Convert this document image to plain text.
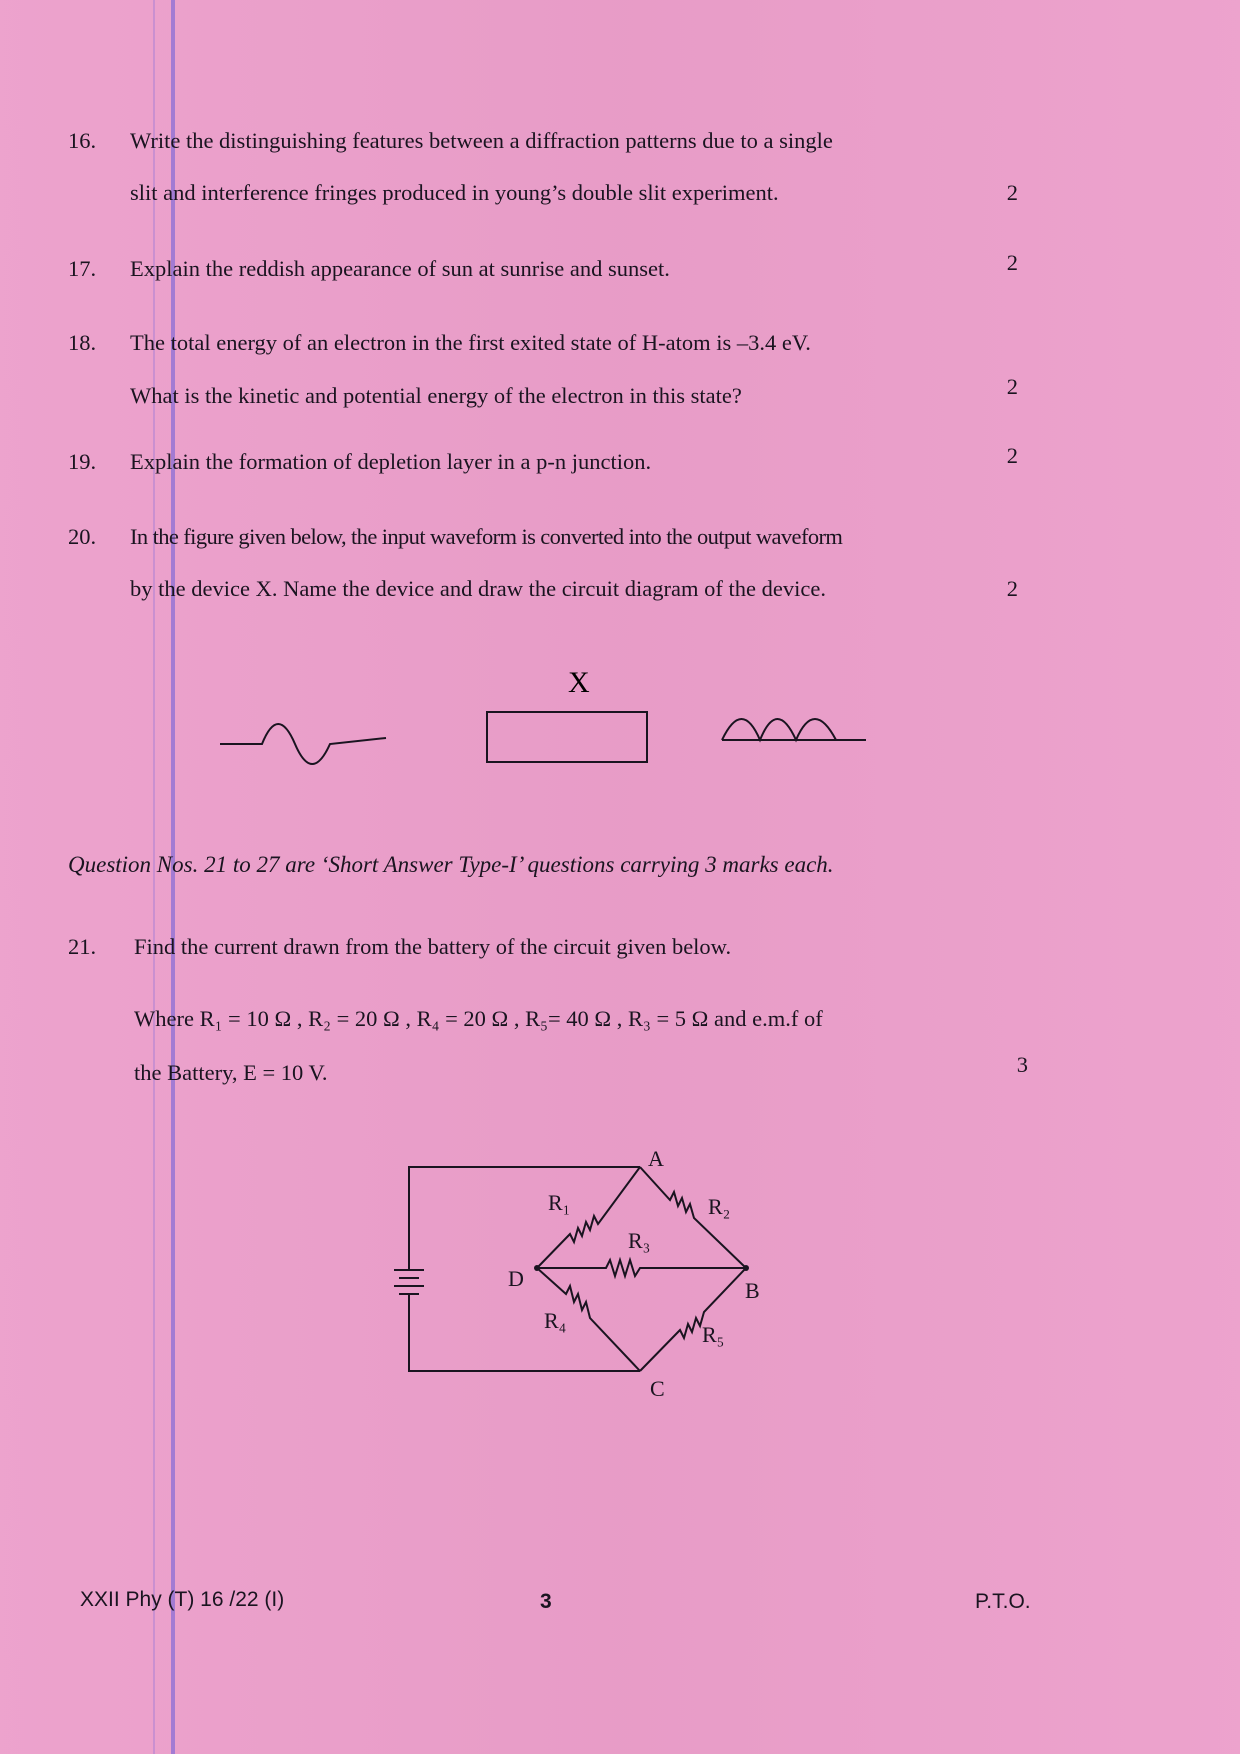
16. Write the distinguishing features between a diffraction patterns due to a single
slit and interference fringes produced in young’s double slit experiment.	2
17. Explain the reddish appearance of sun at sunrise and sunset.	2
18. The total energy of an electron in the first exited state of H-atom is –3.4 eV.
What is the kinetic and potential energy of the electron in this state?	2
19. Explain the formation of depletion layer in a p-n junction.	2
20. In the figure given below, the input waveform is converted into the output waveform
by the device X. Name the device and draw the circuit diagram of the device.	2
X
Question Nos. 21 to 27 are ‘Short Answer Type-I’ questions carrying 3 marks each.
21. Find the current drawn from the battery of the circuit given below.
Where R₁ = 10 Ω , R₂ = 20 Ω , R₄ = 20 Ω , R₅= 40 Ω , R₃ = 5 Ω and e.m.f of
the Battery, E = 10 V.	3
A
B
C
D
R₁	R₂
R₃
R₄
R₅
XXII Phy (T) 16 /22 (I)	3	P.T.O.
